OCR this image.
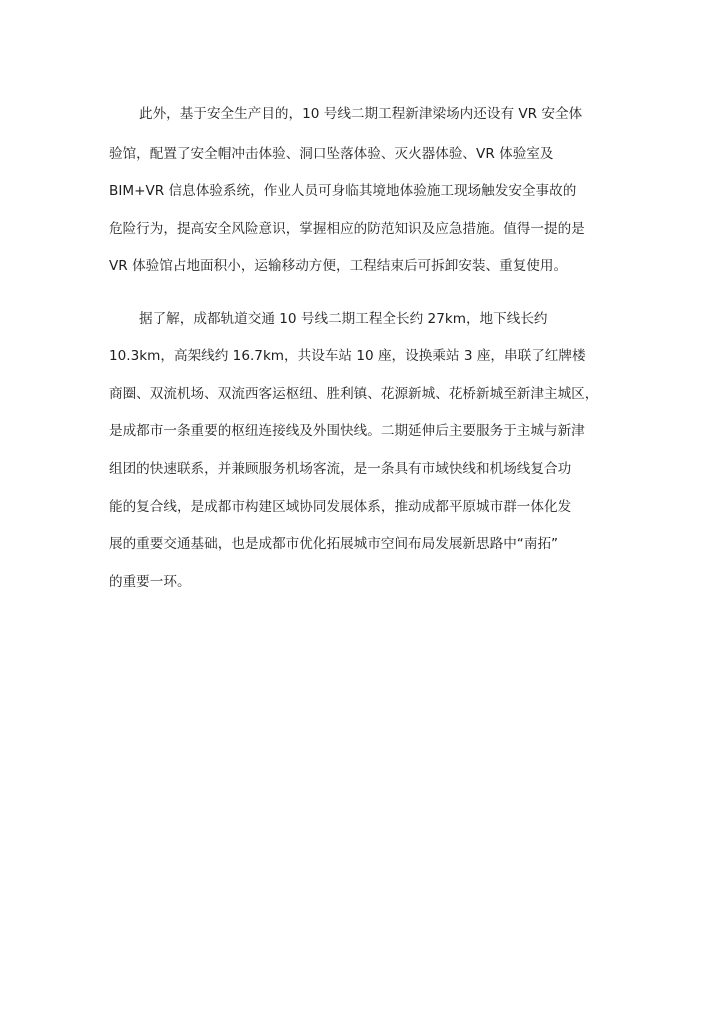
此外，基于安全生产目的，10 号线二期工程新津梁场内还设有 VR 安全体
验馆，配置了安全帽冲击体验、洞口坠落体验、灭火器体验、VR 体验室及
BIM+VR 信息体验系统，作业人员可身临其境地体验施工现场触发安全事故的
危险行为，提高安全风险意识，掌握相应的防范知识及应急措施。值得一提的是
VR 体验馆占地面积小，运输移动方便，工程结束后可拆卸安装、重复使用。
据了解，成都轨道交通 10 号线二期工程全长约 27km，地下线长约
10.3km，高架线约 16.7km，共设车站 10 座，设换乘站 3 座，串联了红牌楼
商圈、双流机场、双流西客运枢纽、胜利镇、花源新城、花桥新城至新津主城区，
是成都市一条重要的枢纽连接线及外围快线。二期延伸后主要服务于主城与新津
组团的快速联系，并兼顾服务机场客流，是一条具有市域快线和机场线复合功
能的复合线，是成都市构建区域协同发展体系，推动成都平原城市群一体化发
展的重要交通基础，也是成都市优化拓展城市空间布局发展新思路中“南拓”
的重要一环。
